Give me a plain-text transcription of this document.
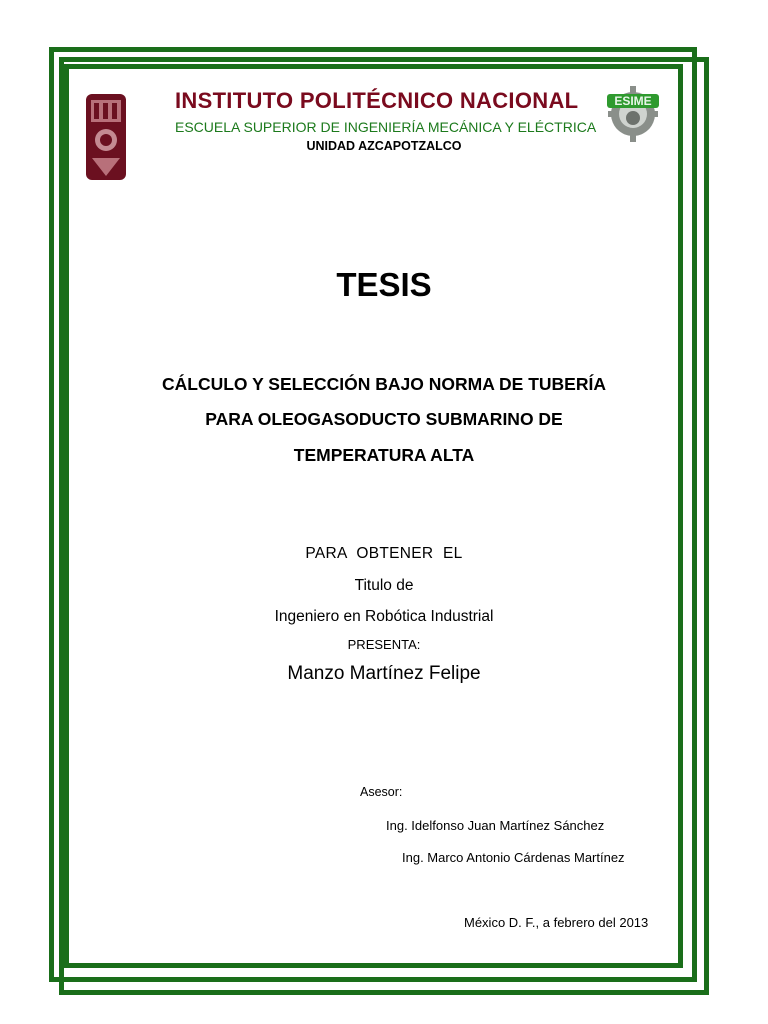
ESIME
INSTITUTO POLITÉCNICO NACIONAL
ESCUELA SUPERIOR DE INGENIERÍA MECÁNICA Y ELÉCTRICA
UNIDAD AZCAPOTZALCO
TESIS
CÁLCULO Y SELECCIÓN BAJO NORMA DE TUBERÍA
PARA OLEOGASODUCTO SUBMARINO DE
TEMPERATURA ALTA
PARA OBTENER EL
Titulo de
Ingeniero en Robótica Industrial
PRESENTA:
Manzo Martínez Felipe
Asesor:
Ing. Idelfonso Juan Martínez Sánchez
Ing. Marco Antonio Cárdenas Martínez
México D. F., a febrero del 2013
